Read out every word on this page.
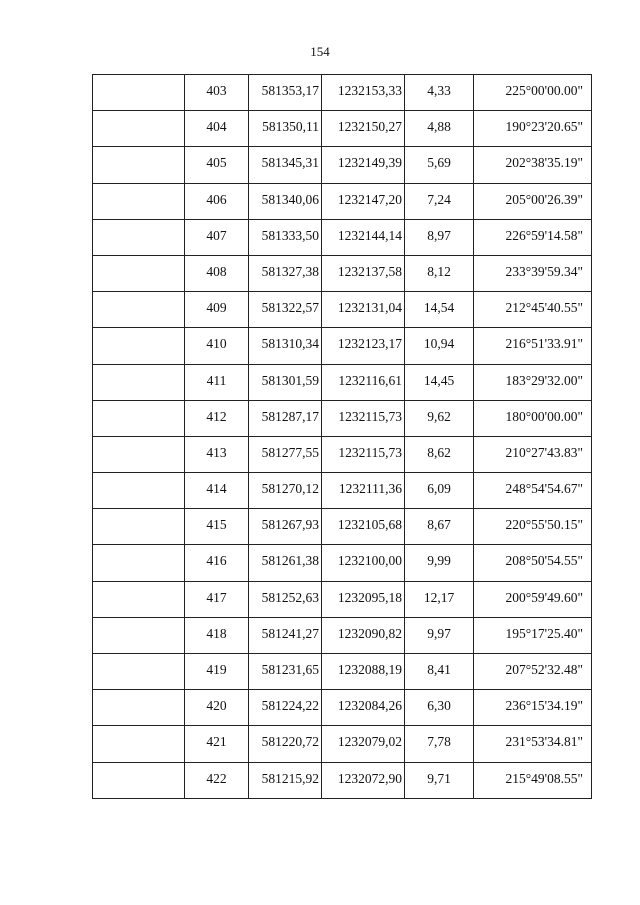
154

	403	581353,17	1232153,33	4,33	225°00'00.00"

	404	581350,11	1232150,27	4,88	190°23'20.65"

	405	581345,31	1232149,39	5,69	202°38'35.19"

	406	581340,06	1232147,20	7,24	205°00'26.39"

	407	581333,50	1232144,14	8,97	226°59'14.58"

	408	581327,38	1232137,58	8,12	233°39'59.34"

	409	581322,57	1232131,04	14,54	212°45'40.55"

	410	581310,34	1232123,17	10,94	216°51'33.91"

	411	581301,59	1232116,61	14,45	183°29'32.00"

	412	581287,17	1232115,73	9,62	180°00'00.00"

	413	581277,55	1232115,73	8,62	210°27'43.83"

	414	581270,12	1232111,36	6,09	248°54'54.67"

	415	581267,93	1232105,68	8,67	220°55'50.15"

	416	581261,38	1232100,00	9,99	208°50'54.55"

	417	581252,63	1232095,18	12,17	200°59'49.60"

	418	581241,27	1232090,82	9,97	195°17'25.40"

	419	581231,65	1232088,19	8,41	207°52'32.48"

	420	581224,22	1232084,26	6,30	236°15'34.19"

	421	581220,72	1232079,02	7,78	231°53'34.81"

	422	581215,92	1232072,90	9,71	215°49'08.55"
